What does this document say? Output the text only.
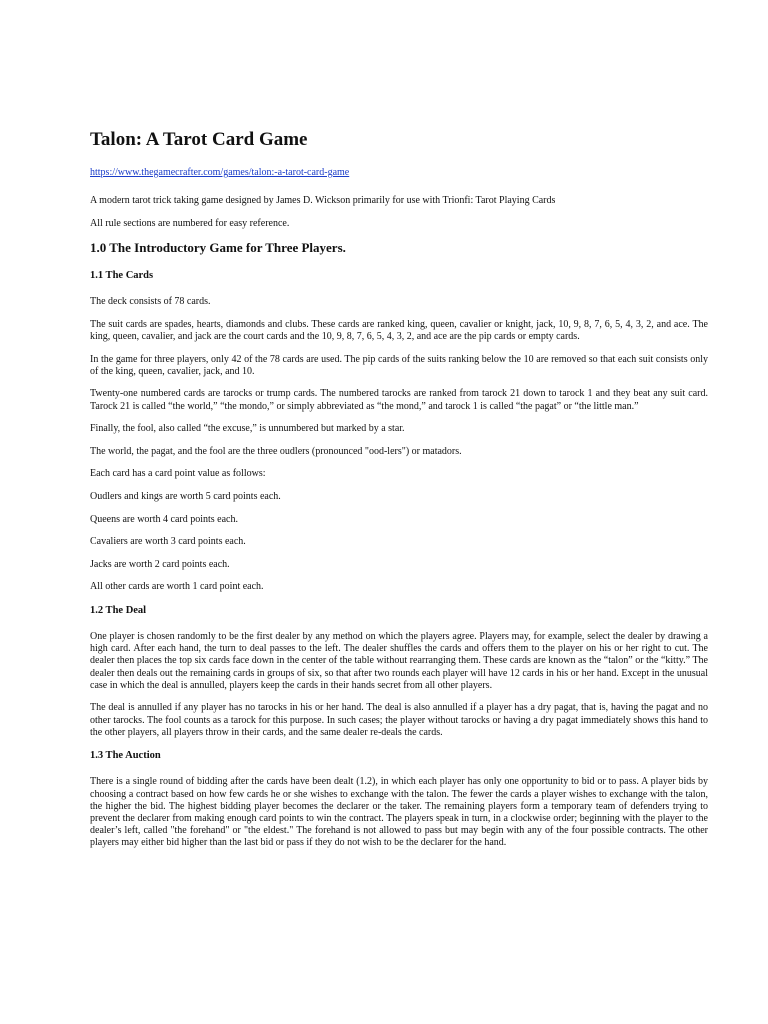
Talon: A Tarot Card Game
https://www.thegamecrafter.com/games/talon:-a-tarot-card-game

A modern tarot trick taking game designed by James D. Wickson primarily for use with Trionfi: Tarot Playing Cards

All rule sections are numbered for easy reference.

1.0 The Introductory Game for Three Players.
1.1 The Cards

The deck consists of 78 cards.

The suit cards are spades, hearts, diamonds and clubs. These cards are ranked king, queen, cavalier or knight, jack, 10, 9, 8, 7, 6, 5, 4, 3, 2, and ace. The king, queen, cavalier, and jack are the court cards and the 10, 9, 8, 7, 6, 5, 4, 3, 2, and ace are the pip cards or empty cards.

In the game for three players, only 42 of the 78 cards are used. The pip cards of the suits ranking below the 10 are removed so that each suit consists only of the king, queen, cavalier, jack, and 10.

Twenty-one numbered cards are tarocks or trump cards. The numbered tarocks are ranked from tarock 21 down to tarock 1 and they beat any suit card. Tarock 21 is called “the world,” “the mondo,” or simply abbreviated as “the mond,” and tarock 1 is called “the pagat” or “the little man.”

Finally, the fool, also called “the excuse,” is unnumbered but marked by a star.

The world, the pagat, and the fool are the three oudlers (pronounced "ood-lers") or matadors.

Each card has a card point value as follows:

Oudlers and kings are worth 5 card points each.

Queens are worth 4 card points each.

Cavaliers are worth 3 card points each.

Jacks are worth 2 card points each.

All other cards are worth 1 card point each.

1.2 The Deal

One player is chosen randomly to be the first dealer by any method on which the players agree. Players may, for example, select the dealer by drawing a high card. After each hand, the turn to deal passes to the left. The dealer shuffles the cards and offers them to the player on his or her right to cut. The dealer then places the top six cards face down in the center of the table without rearranging them. These cards are known as the “talon” or the “kitty.” The dealer then deals out the remaining cards in groups of six, so that after two rounds each player will have 12 cards in his or her hand. Except in the unusual case in which the deal is annulled, players keep the cards in their hands secret from all other players.

The deal is annulled if any player has no tarocks in his or her hand. The deal is also annulled if a player has a dry pagat, that is, having the pagat and no other tarocks. The fool counts as a tarock for this purpose. In such cases; the player without tarocks or having a dry pagat immediately shows this hand to the other players, all players throw in their cards, and the same dealer re-deals the cards.

1.3 The Auction

There is a single round of bidding after the cards have been dealt (1.2), in which each player has only one opportunity to bid or to pass. A player bids by choosing a contract based on how few cards he or she wishes to exchange with the talon. The fewer the cards a player wishes to exchange with the talon, the higher the bid. The highest bidding player becomes the declarer or the taker. The remaining players form a temporary team of defenders trying to prevent the declarer from making enough card points to win the contract. The players speak in turn, in a clockwise order; beginning with the player to the dealer’s left, called "the forehand" or "the eldest." The forehand is not allowed to pass but may begin with any of the four possible contracts. The other players may either bid higher than the last bid or pass if they do not wish to be the declarer for the hand.
